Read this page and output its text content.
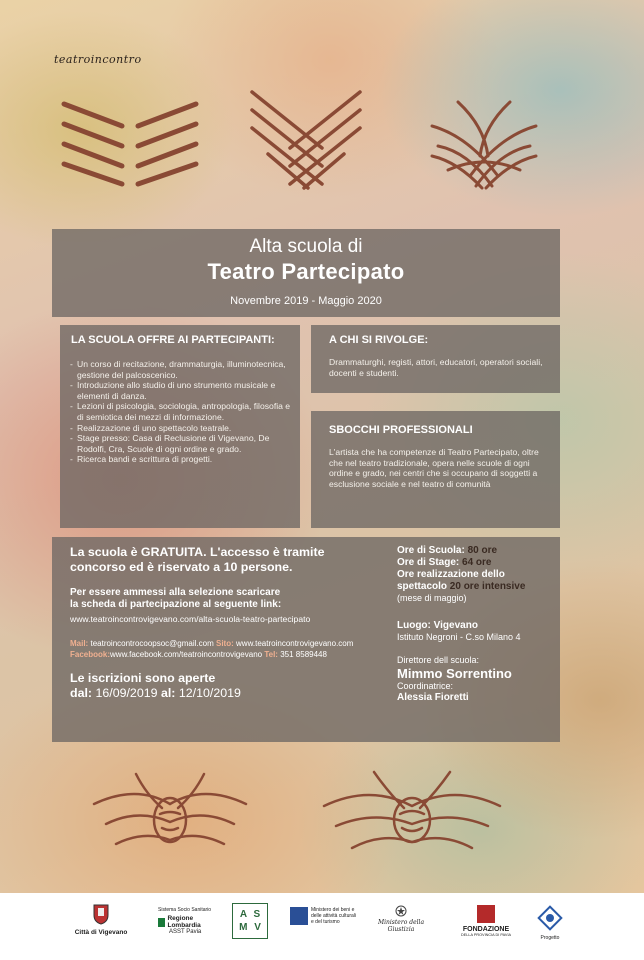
teatroincontro
Alta scuola di
Teatro Partecipato
Novembre 2019 - Maggio 2020
LA SCUOLA OFFRE AI PARTECIPANTI:
- Un corso di recitazione, drammaturgia, illuminotecnica, gestione del palcoscenico.
- Introduzione allo studio di uno strumento musicale e elementi di danza.
- Lezioni di psicologia, sociologia, antropologia, filosofia e di semiotica dei mezzi di informazione.
- Realizzazione di uno spettacolo teatrale.
- Stage presso: Casa di Reclusione di Vigevano, De Rodolfi, Cra, Scuole di ogni ordine e grado.
- Ricerca bandi e scrittura di progetti.
A CHI SI RIVOLGE:
Drammaturghi, registi, attori, educatori, operatori sociali, docenti e studenti.
SBOCCHI PROFESSIONALI
L'artista che ha competenze di Teatro Partecipato, oltre che nel teatro tradizionale, opera nelle scuole di ogni ordine e grado, nei centri che si occupano di soggetti a esclusione sociale e nel teatro di comunità
La scuola è GRATUITA. L'accesso è tramite
concorso ed è riservato a 10 persone.
Per essere ammessi alla selezione scaricare
la scheda di partecipazione al seguente link:
www.teatroincontrovigevano.com/alta-scuola-teatro-partecipato
Mail: teatroincontrocoopsoc@gmail.com Sito: www.teatroincontrovigevano.com
Facebook:www.facebook.com/teatroincontrovigevano Tel: 351 8589448
Le iscrizioni sono aperte
dal: 16/09/2019 al: 12/10/2019
Ore di Scuola: 80 ore
Ore di Stage: 64 ore
Ore realizzazione dello
spettacolo 20 ore intensive
(mese di maggio)
Luogo: Vigevano
Istituto Negroni - C.so Milano 4
Direttore dell scuola:
Mimmo Sorrentino
Coordinatrice:
Alessia Fioretti
Città di Vigevano
Sistema Socio Sanitario
Regione Lombardia
ASST Pavia
A S M V
Ministero dei beni e delle attività culturali e del turismo	Ministero della Giustizia	FONDAZIONE
DELLA PROVINCIA DI PAVIA	Progetto
